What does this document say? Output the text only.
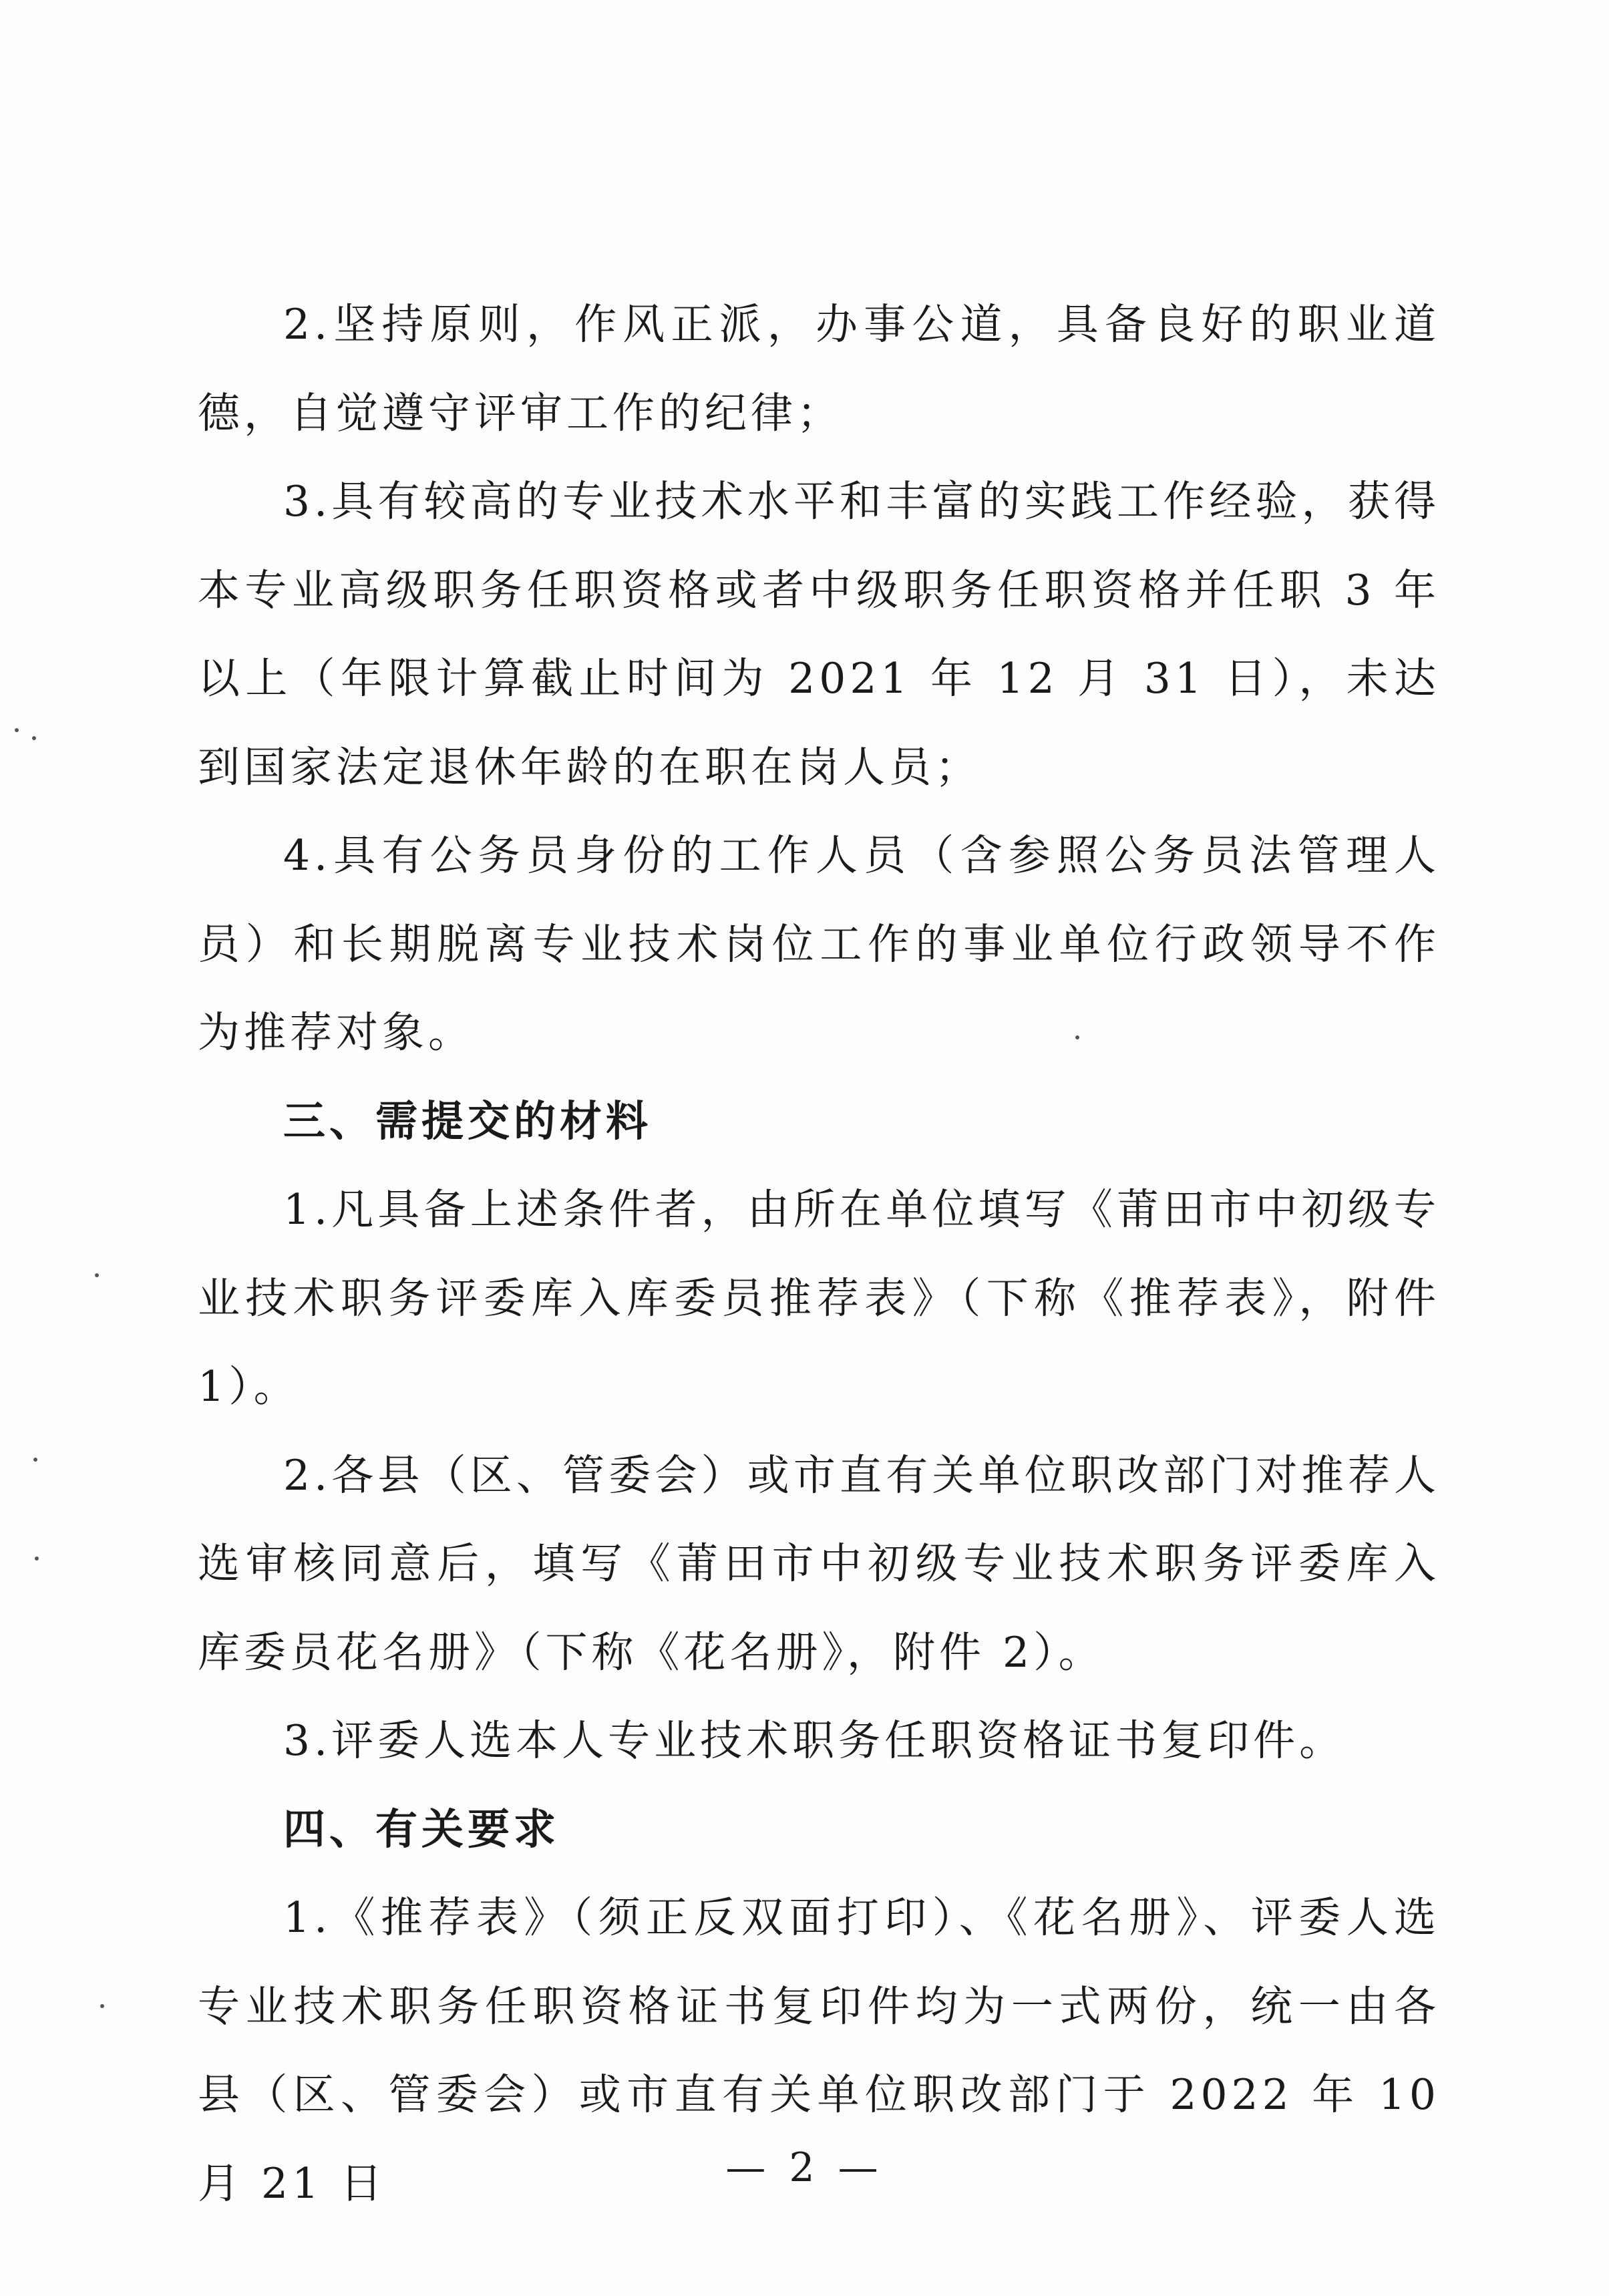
2.坚持原则，作风正派，办事公道，具备良好的职业道德，自觉遵守评审工作的纪律；

3.具有较高的专业技术水平和丰富的实践工作经验，获得本专业高级职务任职资格或者中级职务任职资格并任职 3 年以上（年限计算截止时间为 2021 年 12 月 31 日），未达到国家法定退休年龄的在职在岗人员；

4.具有公务员身份的工作人员（含参照公务员法管理人员）和长期脱离专业技术岗位工作的事业单位行政领导不作为推荐对象。

三、需提交的材料

1.凡具备上述条件者，由所在单位填写《莆田市中初级专业技术职务评委库入库委员推荐表》（下称《推荐表》，附件 1）。

2.各县（区、管委会）或市直有关单位职改部门对推荐人选审核同意后，填写《莆田市中初级专业技术职务评委库入库委员花名册》（下称《花名册》，附件 2）。

3.评委人选本人专业技术职务任职资格证书复印件。

四、有关要求

1.《推荐表》（须正反双面打印）、《花名册》、评委人选专业技术职务任职资格证书复印件均为一式两份，统一由各县（区、管委会）或市直有关单位职改部门于 2022 年 10 月 21 日	— 2 —
